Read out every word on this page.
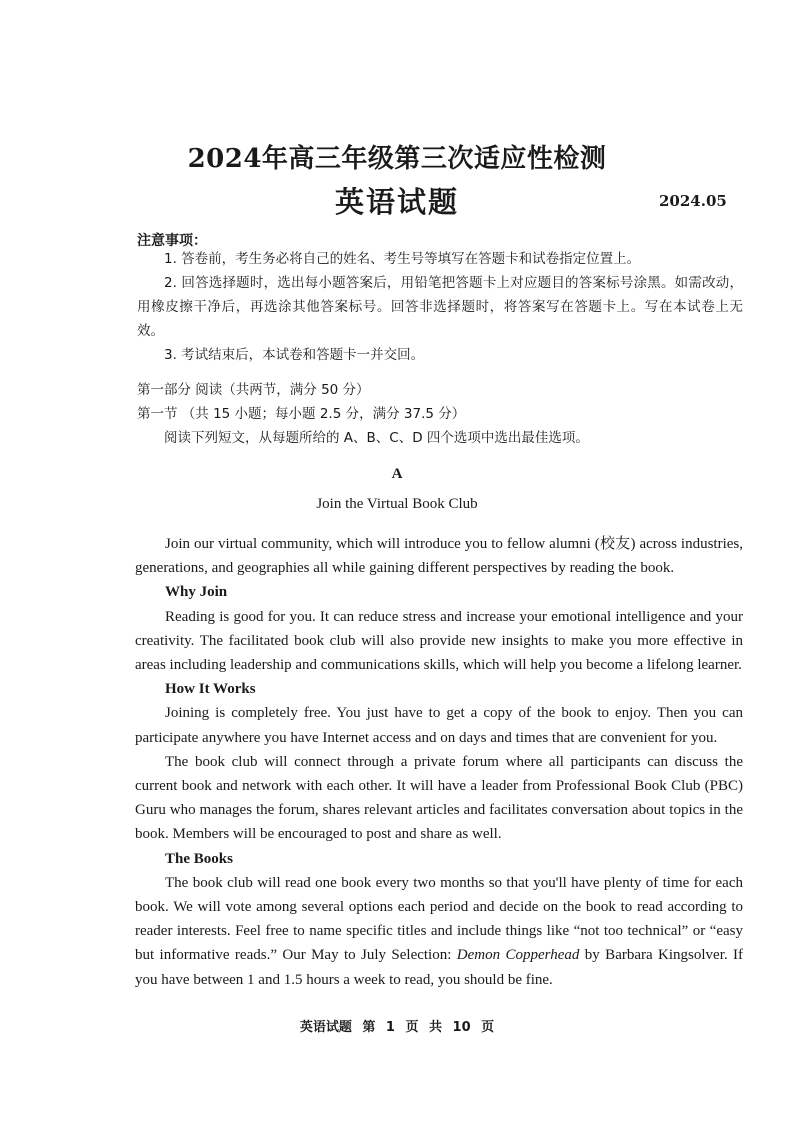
2024年高三年级第三次适应性检测
英语试题	2024.05
注意事项：

1. 答卷前，考生务必将自己的姓名、考生号等填写在答题卡和试卷指定位置上。

2. 回答选择题时，选出每小题答案后，用铅笔把答题卡上对应题目的答案标号涂黑。如需改动，用橡皮擦干净后，再选涂其他答案标号。回答非选择题时，将答案写在答题卡上。写在本试卷上无效。

3. 考试结束后，本试卷和答题卡一并交回。

第一部分 阅读（共两节，满分 50 分）

第一节 （共 15 小题；每小题 2.5 分，满分 37.5 分）

阅读下列短文，从每题所给的 A、B、C、D 四个选项中选出最佳选项。

A
Join the Virtual Book Club

Join our virtual community, which will introduce you to fellow alumni (校友) across industries, generations, and geographies all while gaining different perspectives by reading the book.

Why Join

Reading is good for you. It can reduce stress and increase your emotional intelligence and your creativity. The facilitated book club will also provide new insights to make you more effective in areas including leadership and communications skills, which will help you become a lifelong learner.

How It Works

Joining is completely free. You just have to get a copy of the book to enjoy. Then you can participate anywhere you have Internet access and on days and times that are convenient for you.

The book club will connect through a private forum where all participants can discuss the current book and network with each other. It will have a leader from Professional Book Club (PBC) Guru who manages the forum, shares relevant articles and facilitates conversation about topics in the book. Members will be encouraged to post and share as well.

The Books

The book club will read one book every two months so that you'll have plenty of time for each book. We will vote among several options each period and decide on the book to read according to reader interests. Feel free to name specific titles and include things like “not too technical” or “easy but informative reads.” Our May to July Selection: Demon Copperhead by Barbara Kingsolver. If you have between 1 and 1.5 hours a week to read, you should be fine.

英语试题 第 1 页 共 10 页
